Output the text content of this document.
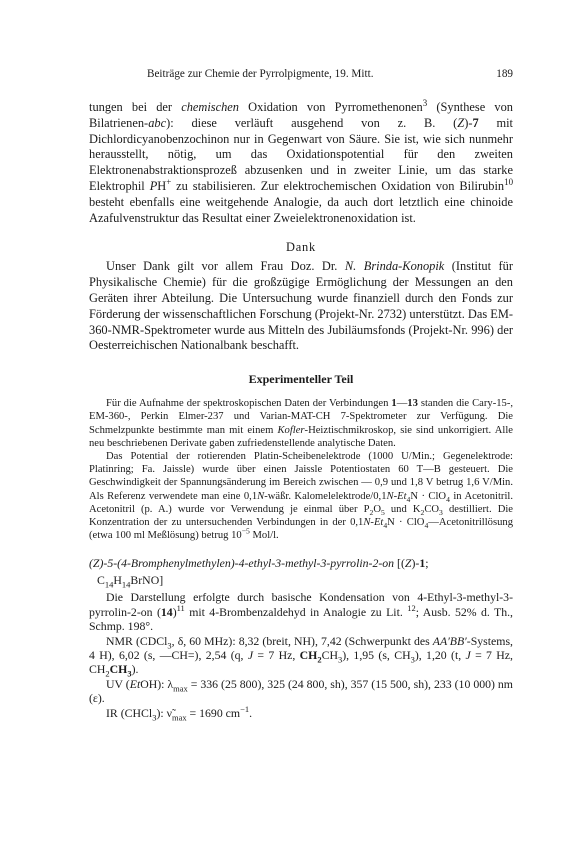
Beiträge zur Chemie der Pyrrolpigmente, 19. Mitt.	189

tungen bei der chemischen Oxidation von Pyrromethenonen$^3$ (Synthese von Bilatrienen-abc): diese verläuft ausgehend von z. B. (Z)-7 mit Dichlordicyanobenzochinon nur in Gegenwart von Säure. Sie ist, wie sich nunmehr herausstellt, nötig, um das Oxidationspotential für den zweiten Elektronenabstraktionsprozeß abzusenken und in zweiter Linie, um das starke Elektrophil PH+ zu stabilisieren. Zur elektrochemischen Oxidation von Bilirubin$^{10}$ besteht ebenfalls eine weitgehende Analogie, da auch dort letztlich eine chinoide Azafulvenstruktur das Resultat einer Zweielektronenoxidation ist.

Dank

Unser Dank gilt vor allem Frau Doz. Dr. N. Brinda-Konopik (Institut für Physikalische Chemie) für die großzügige Ermöglichung der Messungen an den Geräten ihrer Abteilung. Die Untersuchung wurde finanziell durch den Fonds zur Förderung der wissenschaftlichen Forschung (Projekt-Nr. 2732) unterstützt. Das EM-360-NMR-Spektrometer wurde aus Mitteln des Jubiläumsfonds (Projekt-Nr. 996) der Oesterreichischen Nationalbank beschafft.

Experimenteller Teil

Für die Aufnahme der spektroskopischen Daten der Verbindungen 1—13 standen die Cary-15-, EM-360-, Perkin Elmer-237 und Varian-MAT-CH 7-Spektrometer zur Verfügung. Die Schmelzpunkte bestimmte man mit einem Kofler-Heiztischmikroskop, sie sind unkorrigiert. Alle neu beschriebenen Derivate gaben zufriedenstellende analytische Daten.

Das Potential der rotierenden Platin-Scheibenelektrode (1000 U/Min.; Gegenelektrode: Platinring; Fa. Jaissle) wurde über einen Jaissle Potentiostaten 60 T—B gesteuert. Die Geschwindigkeit der Spannungsänderung im Bereich zwischen — 0,9 und 1,8 V betrug 1,6 V/Min. Als Referenz verwendete man eine 0,1N-wäßr. Kalomelelektrode/$0,1N-Et_4N \cdot ClO_4$ in Acetonitril. Acetonitril (p. A.) wurde vor Verwendung je einmal über $P_2O_5$ und $K_2CO_3$ destilliert. Die Konzentration der zu untersuchenden Verbindungen in der $0,1N-Et_4N$ · ClO$_4$—Acetonitrillösung (etwa 100 ml Meßlösung) betrug $10^{-5}$ Mol/l.

(Z)-5-(4-Bromphenylmethylen)-4-ethyl-3-methyl-3-pyrrolin-2-on [(Z)-1;
$C_{14}H_{14}BrNO$]

Die Darstellung erfolgte durch basische Kondensation von 4-Ethyl-3-methyl-3-pyrrolin-2-on $(14)^{11}$ mit 4-Brombenzaldehyd in Analogie zu Lit. $^{12}$; Ausb. 52% d. Th., Schmp. 198°.

NMR (CDCl$_3$, δ, 60 MHz): 8,32 (breit, NH), 7,42 (Schwerpunkt des AA′BB′-Systems, 4 H), 6,02 (s, —CH=), 2,54 (q, J = 7 Hz, $CH_2CH_3$), 1,95 (s, $CH_3$), 1,20 (t, J = 7 Hz, $CH_2CH_3$).

UV (EtOH): $\lambda_{max} = 336$ (25 800), 325 (24 800, sh), 357 (15 500, sh), 233 (10 000) nm (ε).

IR (CHCl$_3$): $\nũ_{max} = 1690$ $cm^{-1}$.
